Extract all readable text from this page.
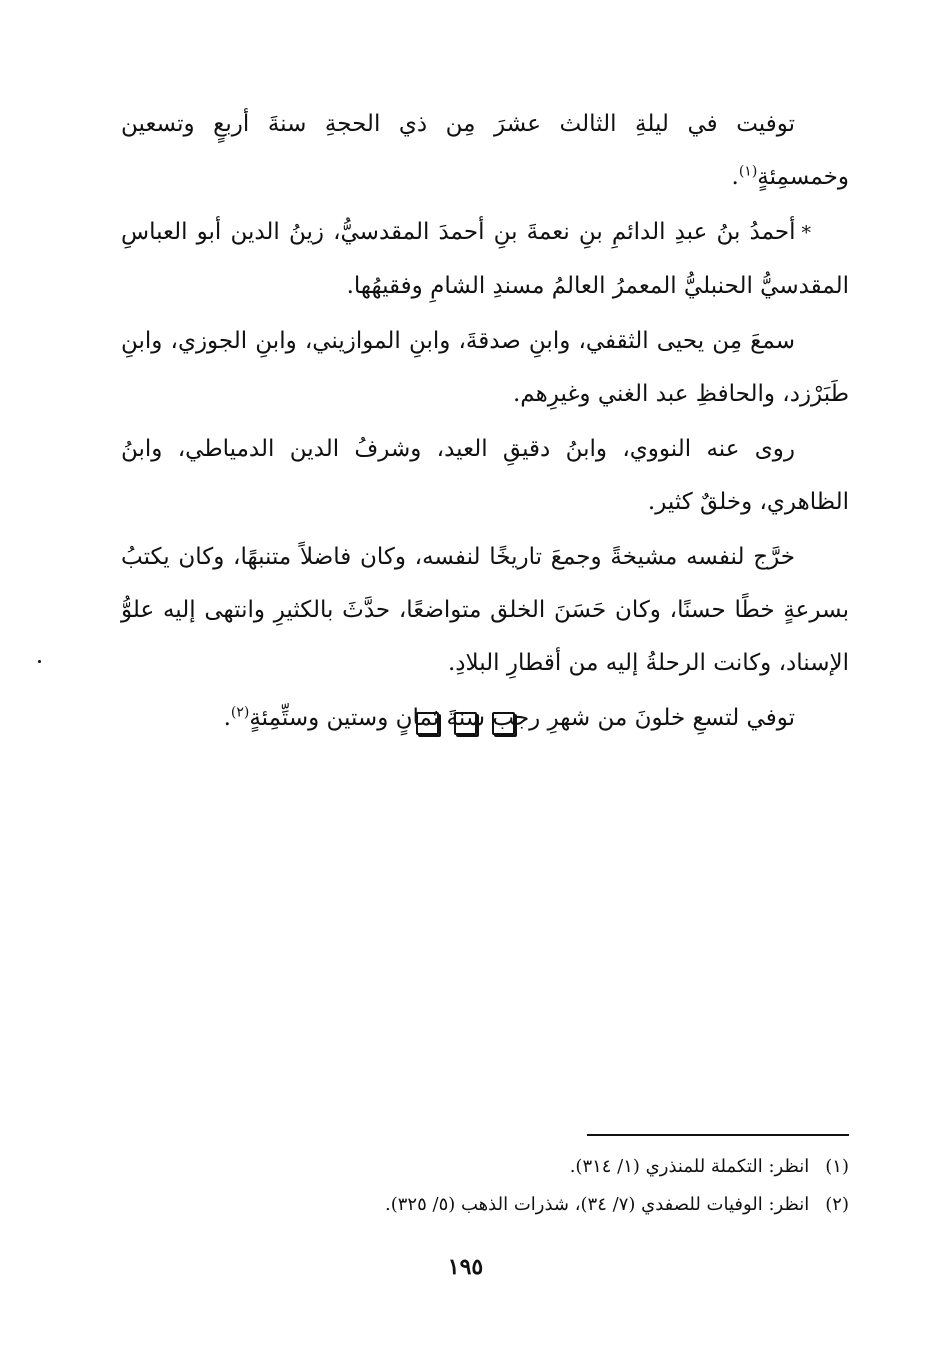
توفيت في ليلةِ الثالث عشرَ مِن ذي الحجةِ سنةَ أربعٍ وتسعين وخمسمِئةٍ$^{(١)}$.

*أحمدُ بنُ عبدِ الدائمِ بنِ نعمةَ بنِ أحمدَ المقدسيُّ، زينُ الدين أبو العباسِ المقدسيُّ الحنبليُّ المعمرُ العالمُ مسندِ الشامِ وفقيهُها.

سمعَ مِن يحيى الثقفي، وابنِ صدقةَ، وابنِ الموازيني، وابنِ الجوزي، وابنِ طَبَرْزد، والحافظِ عبد الغني وغيرِهم.

روى عنه النووي، وابنُ دقيقِ العيد، وشرفُ الدين الدمياطي، وابنُ الظاهري، وخلقٌ كثير.

خرَّج لنفسه مشيخةً وجمعَ تاريخًا لنفسه، وكان فاضلاً متنبهًا، وكان يكتبُ بسرعةٍ خطًا حسنًا، وكان حَسَنَ الخلق متواضعًا، حدَّثَ بالكثيرِ وانتهى إليه علوُّ الإسناد، وكانت الرحلةُ إليه من أقطارِ البلادِ.

توفي لتسعِ خلونَ من شهرِ رجب سنةَ ثمانٍ وستين وستِّمِئةٍ$^{(٢)}$.

(١)انظر: التكملة للمنذري (١/ ٣١٤).

(٢)انظر: الوفيات للصفدي (٧/ ٣٤)، شذرات الذهب (٥/ ٣٢٥).

١٩٥
